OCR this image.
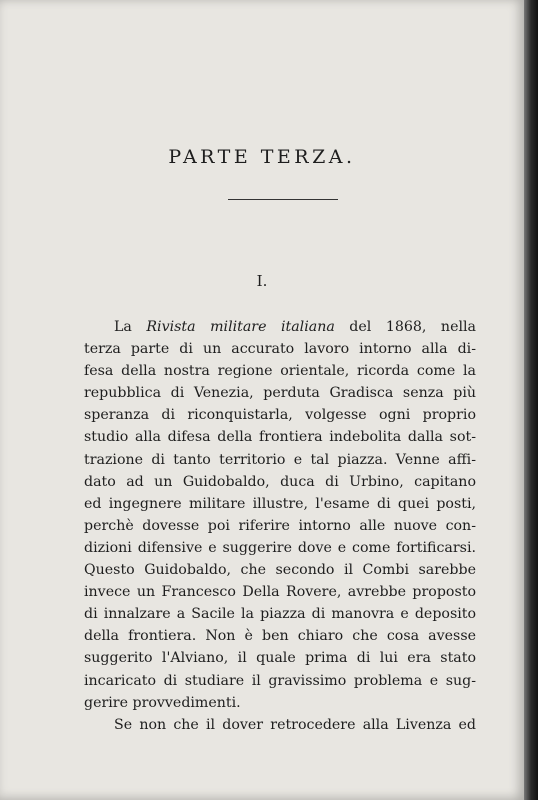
PARTE TERZA.
I.
La Rivista militare italiana del 1868, nella
terza parte di un accurato lavoro intorno alla di-
fesa della nostra regione orientale, ricorda come la
repubblica di Venezia, perduta Gradisca senza più
speranza di riconquistarla, volgesse ogni proprio
studio alla difesa della frontiera indebolita dalla sot-
trazione di tanto territorio e tal piazza. Venne affi-
dato ad un Guidobaldo, duca di Urbino, capitano
ed ingegnere militare illustre, l'esame di quei posti,
perchè dovesse poi riferire intorno alle nuove con-
dizioni difensive e suggerire dove e come fortificarsi.
Questo Guidobaldo, che secondo il Combi sarebbe
invece un Francesco Della Rovere, avrebbe proposto
di innalzare a Sacile la piazza di manovra e deposito
della frontiera. Non è ben chiaro che cosa avesse
suggerito l'Alviano, il quale prima di lui era stato
incaricato di studiare il gravissimo problema e sug-
gerire provvedimenti.
Se non che il dover retrocedere alla Livenza ed
